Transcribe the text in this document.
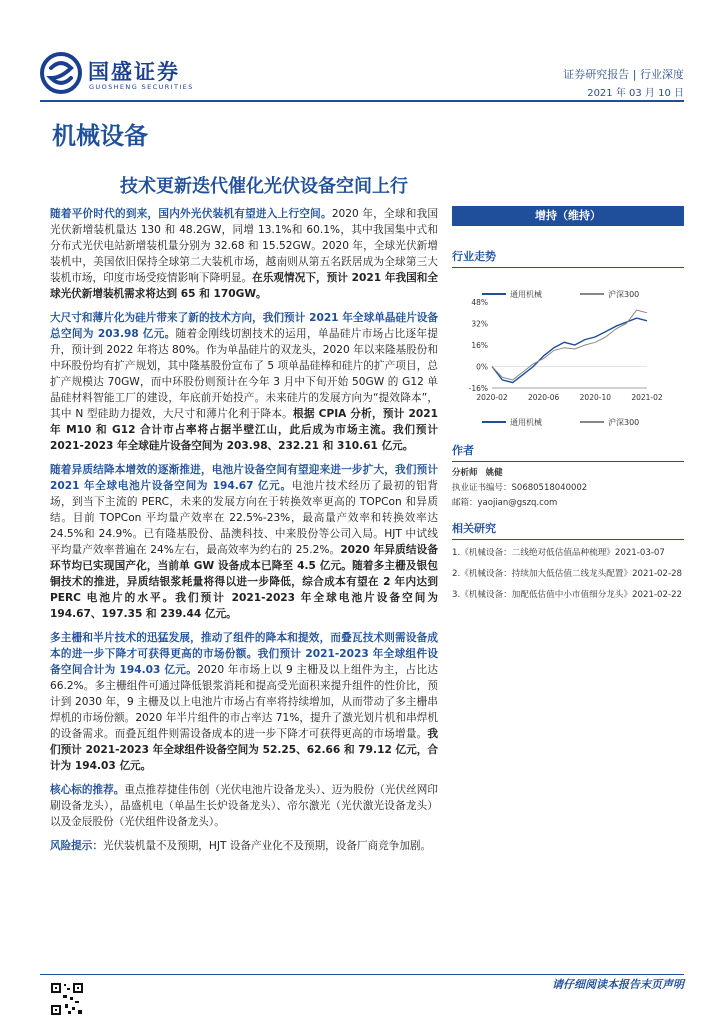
国盛证券
GUOSHENG SECURITIES
证券研究报告 | 行业深度
2021 年 03 月 10 日
机械设备
技术更新迭代催化光伏设备空间上行

随着平价时代的到来，国内外光伏装机有望进入上行空间。2020 年，全球和我国光伏新增装机量达 130 和 48.2GW，同增 13.1%和 60.1%，其中我国集中式和分布式光伏电站新增装机量分别为 32.68 和 15.52GW。2020 年，全球光伏新增装机中，美国依旧保持全球第二大装机市场，越南则从第五名跃居成为全球第三大装机市场，印度市场受疫情影响下降明显。在乐观情况下，预计 2021 年我国和全球光伏新增装机需求将达到 65 和 170GW。

大尺寸和薄片化为硅片带来了新的技术方向，我们预计 2021 年全球单晶硅片设备总空间为 203.98 亿元。随着金刚线切割技术的运用，单晶硅片市场占比逐年提升，预计到 2022 年将达 80%。作为单晶硅片的双龙头，2020 年以来隆基股份和中环股份均有扩产规划，其中隆基股份宣布了 5 项单晶硅棒和硅片的扩产项目，总扩产规模达 70GW，而中环股份则预计在今年 3 月中下旬开始 50GW 的 G12 单晶硅材料智能工厂的建设，年底前开始投产。未来硅片的发展方向为“提效降本”，其中 N 型硅助力提效，大尺寸和薄片化利于降本。根据 CPIA 分析，预计 2021 年 M10 和 G12 合计市占率将占据半壁江山，此后成为市场主流。我们预计 2021-2023 年全球硅片设备空间为 203.98、232.21 和 310.61 亿元。

随着异质结降本增效的逐渐推进，电池片设备空间有望迎来进一步扩大，我们预计 2021 年全球电池片设备空间为 194.67 亿元。电池片技术经历了最初的铝背场，到当下主流的 PERC，未来的发展方向在于转换效率更高的 TOPCon 和异质结。目前 TOPCon 平均量产效率在 22.5%-23%，最高量产效率和转换效率达 24.5%和 24.9%。已有隆基股份、晶澳科技、中来股份等公司入局。HJT 中试线平均量产效率普遍在 24%左右，最高效率为约右的 25.2%。2020 年异质结设备环节均已实现国产化，当前单 GW 设备成本已降至 4.5 亿元。随着多主栅及银包铜技术的推进，异质结银浆耗量将得以进一步降低，综合成本有望在 2 年内达到 PERC 电池片的水平。我们预计 2021-2023 年全球电池片设备空间为 194.67、197.35 和 239.44 亿元。

多主栅和半片技术的迅猛发展，推动了组件的降本和提效，而叠瓦技术则需设备成本的进一步下降才可获得更高的市场份额。我们预计 2021-2023 年全球组件设备空间合计为 194.03 亿元。2020 年市场上以 9 主栅及以上组件为主，占比达 66.2%。多主栅组件可通过降低银浆消耗和提高受光面积来提升组件的性价比，预计到 2030 年，9 主栅及以上电池片市场占有率将持续增加，从而带动了多主栅串焊机的市场份额。2020 年半片组件的市占率达 71%，提升了激光划片机和串焊机的设备需求。而叠瓦组件则需设备成本的进一步下降才可获得更高的市场增量。我们预计 2021-2023 年全球组件设备空间为 52.25、62.66 和 79.12 亿元，合计为 194.03 亿元。

核心标的推荐。重点推荐捷佳伟创（光伏电池片设备龙头）、迈为股份（光伏丝网印刷设备龙头），晶盛机电（单晶生长炉设备龙头）、帝尔激光（光伏激光设备龙头）以及金辰股份（光伏组件设备龙头）。

风险提示：光伏装机量不及预期，HJT 设备产业化不及预期，设备厂商竞争加剧。

增持（维持）
行业走势
通用机械	沪深300
48%
32%
16%
0%
-16%
2020-02	2020-06	2020-10	2021-02
通用机械	沪深300
作者
分析师 姚健
执业证书编号：S0680518040002
邮箱：yaojian@gszq.com
相关研究
1.《机械设备：二线绝对低估值品种梳理》2021-03-07
2.《机械设备：持续加大低估值二线龙头配置》2021-02-28
3.《机械设备：加配低估值中小市值细分龙头》2021-02-22
请仔细阅读本报告末页声明
